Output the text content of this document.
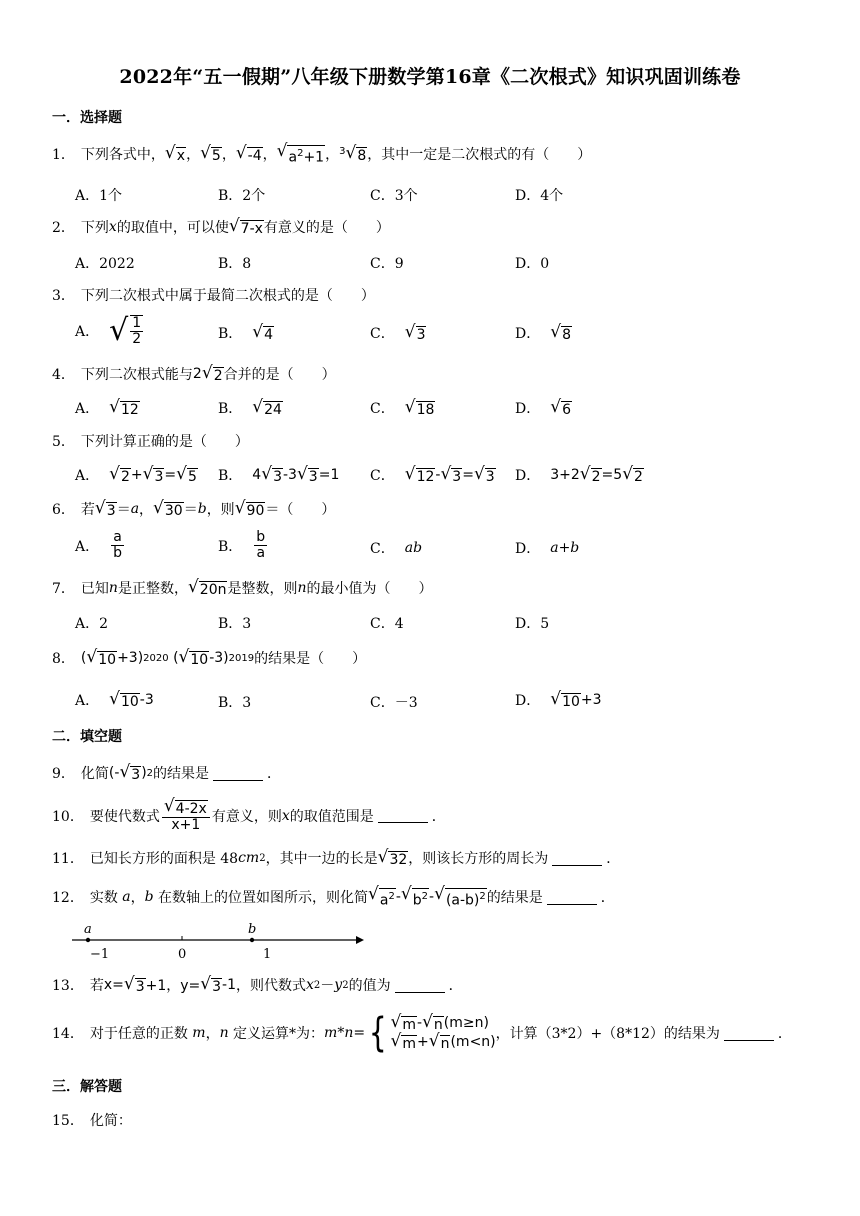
2022年“五一假期”八年级下册数学第16章《二次根式》知识巩固训练卷
一．选择题
1． 下列各式中， √ x ， √ 5 ， √ -4 ， √ $a^2+1$ ， $^3$ √ 8 ，其中一定是二次根式的有（　　）
A．1个	B．2个	C．3个	D．4个
2． 下列 x 的取值中，可以使 √ 7-x 有意义的是（　　）
A．2022	B．8	C．9	D．0
3． 下列二次根式中属于最简二次根式的是（　　）
A． √ $\frac{1}{2}$	B． √ 4	C． √ 3	D． √ 8
4． 下列二次根式能与 2 √ 2 合并的是（　　）
A． √ 12	B． √ 24	C． √ 18	D． √ 6
5． 下列计算正确的是（　　）
A． √ 2 + √ 3 = √ 5 B． 4 √ 3 -3 √ 3 =1 C． √ 12 - √ 3 = √ 3 D． 3+2 √ 2 =5 √ 2
6． 若 √ 3 ＝ a ， √ 30 ＝ b ，则 √ 90 ＝（　　）
A． $\frac{a}{b}$	B． $\frac{b}{a}$	C． ab	D． a+b
7． 已知 n 是正整数， √ 20n 是整数，则 n 的最小值为（　　）
A．2	B．3	C．4	D．5
8． ( √ 10 +3) 2020 ( √ 10 -3) 2019 的结果是（　　）
A． √ 10 -3	B．3	C．－3	D． √ 10 +3
二．填空题
9． 化简 (- √ 3 ) 2 的结果是	．
10． 要使代数式 $\frac{√ 4-2x}{x+1}$ 有意义，则 x 的取值范围是	．
11． 已知长方形的面积是 48 cm 2 ，其中一边的长是 √ 32 ，则该长方形的周长为	．
12． 实数 a ， b 在数轴上的位置如图所示，则化简 √ $a^2$ - √ $b^2$ - √ $(a-b)^2$ 的结果是	．
a	b
−1	0	1
13． 若 x= √ 3 +1，y= √ 3 -1 ，则代数式 x 2 － y 2 的值为	．
14． 对于任意的正数 m ， n 定义运算*为： m * n = { √ m - √ n (m≥n)
√ m + √ n (m<n) ，计算（3*2）+（8*12）的结果为	．
三．解答题
15． 化简：
